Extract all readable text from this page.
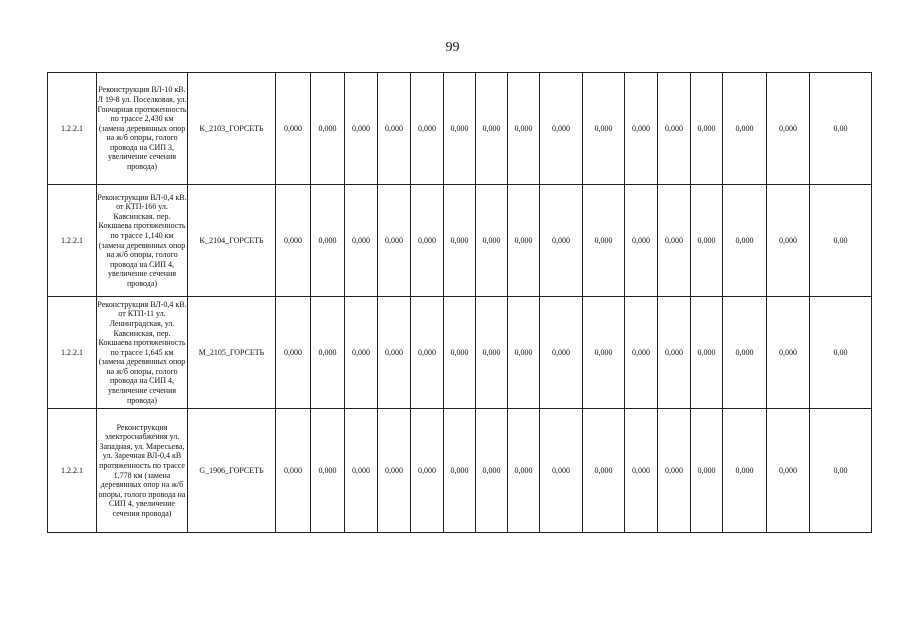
99
1.2.2.1	Реконструкция ВЛ-10 кВ. Л 19-8 ул. Поселковая, ул. Гончарная протяженность по трассе 2,430 км (замена деревянных опор на ж/б опоры, голого провода на СИП 3, увеличение сечения провода)	K_2103_ГОРСЕТЬ	0,000	0,000	0,000	0,000	0,000	0,000	0,000	0,000	0,000	0,000	0,000	0,000	0,000	0,000	0,000	0,00
1.2.2.1	Реконструкция ВЛ-0,4 кВ. от КТП-166 ул. Кавсинская. пер. Кокшаева протяженность по трассе 1,140 км (замена деревянных опор на ж/б опоры, голого провода на СИП 4, увеличение сечения провода)	K_2104_ГОРСЕТЬ	0,000	0,000	0,000	0,000	0,000	0,000	0,000	0,000	0,000	0,000	0,000	0,000	0,000	0,000	0,000	0,00
1.2.2.1	Реконструкция ВЛ-0,4 кВ. от КТП-11 ул. Ленинградская, ул. Кавсинская, пер. Кокшаева протяженность по трассе 1,645 км (замена деревянных опор на ж/б опоры, голого провода на СИП 4, увеличение сечения провода)	M_2105_ГОРСЕТЬ	0,000	0,000	0,000	0,000	0,000	0,000	0,000	0,000	0,000	0,000	0,000	0,000	0,000	0,000	0,000	0,00
1.2.2.1	Реконструкция электроснабжения ул. Западная, ул. Маресьева, ул. Заречная ВЛ-0,4 кВ протяженность по трассе 1,778 км (замена деревянных опор на ж/б опоры, голого провода на СИП 4, увеличение сечения провода)	G_1906_ГОРСЕТЬ	0,000	0,000	0,000	0,000	0,000	0,000	0,000	0,000	0,000	0,000	0,000	0,000	0,000	0,000	0,000	0,00
